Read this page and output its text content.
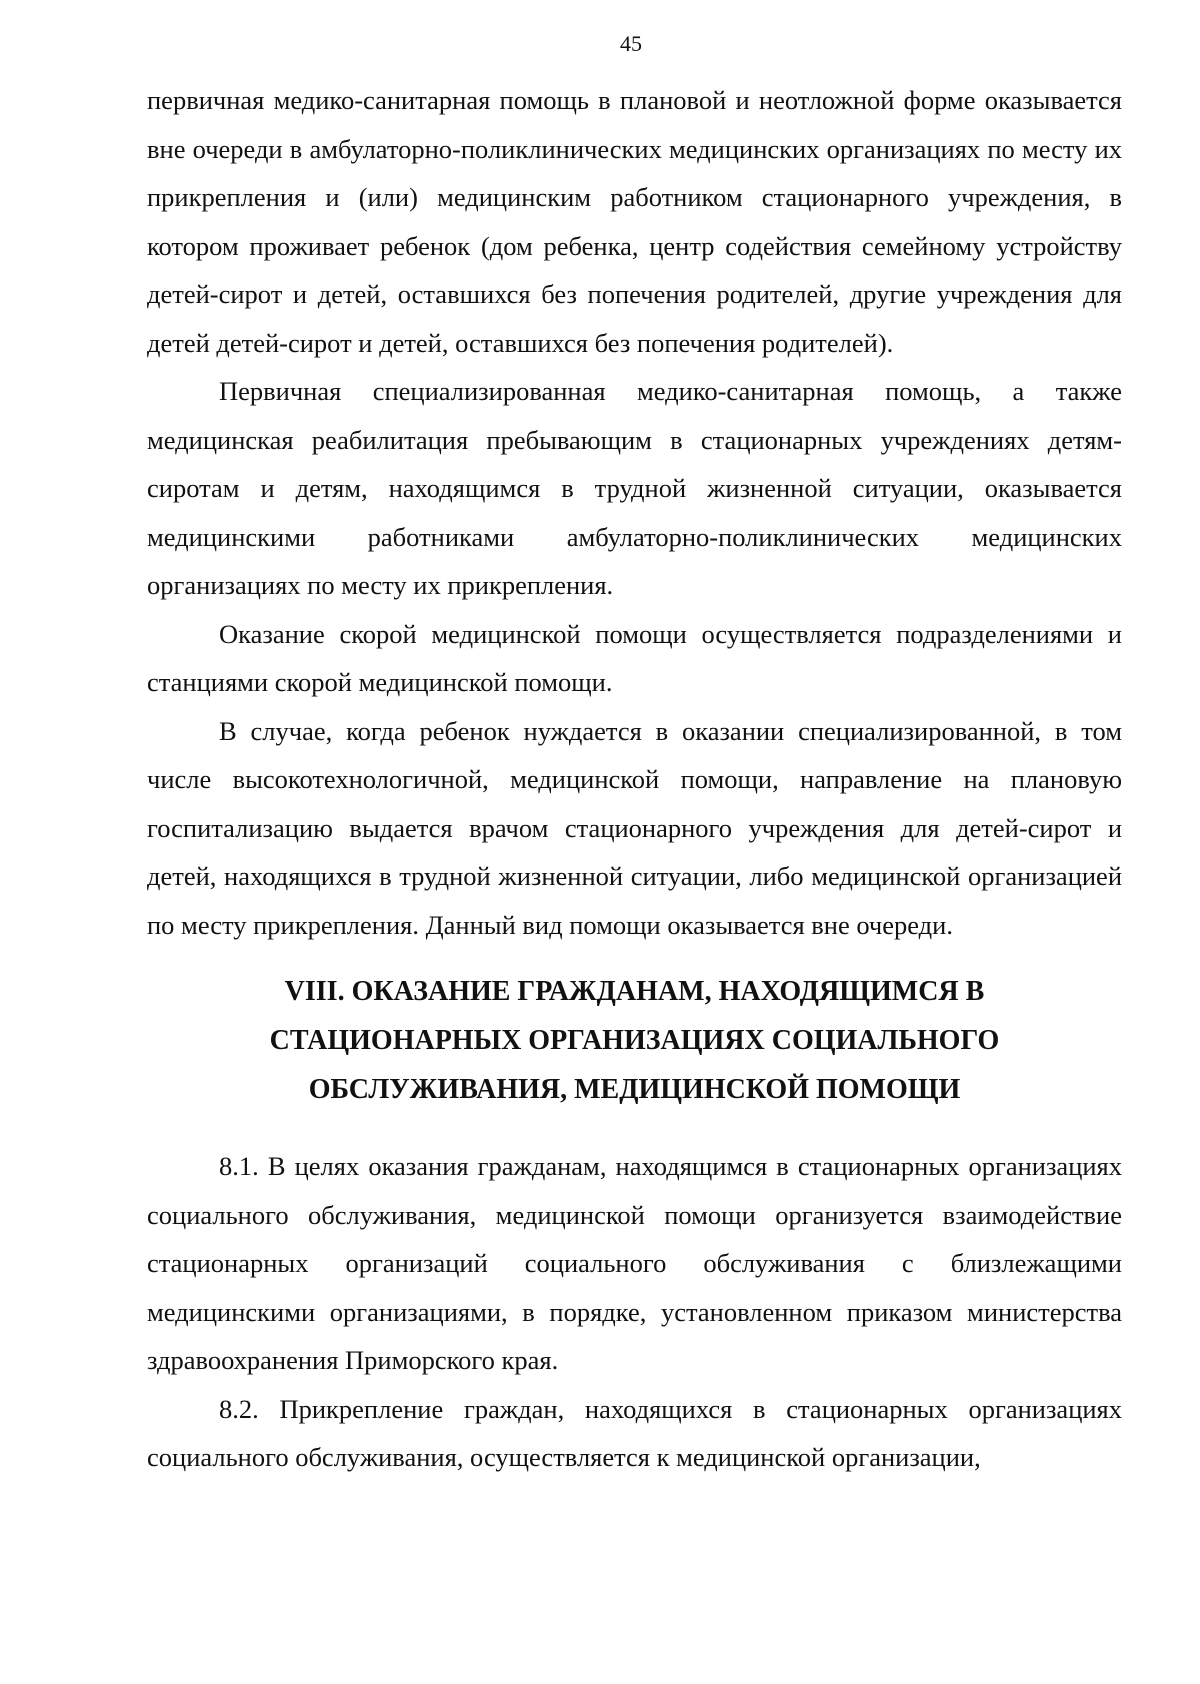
45

первичная медико-санитарная помощь в плановой и неотложной форме оказывается вне очереди в амбулаторно-поликлинических медицинских организациях по месту их прикрепления и (или) медицинским работником стационарного учреждения, в котором проживает ребенок (дом ребенка, центр содействия семейному устройству детей-сирот и детей, оставшихся без попечения родителей, другие учреждения для детей детей-сирот и детей, оставшихся без попечения родителей).

Первичная специализированная медико-санитарная помощь, а также медицинская реабилитация пребывающим в стационарных учреждениях детям-сиротам и детям, находящимся в трудной жизненной ситуации, оказывается медицинскими работниками амбулаторно-поликлинических медицинских организациях по месту их прикрепления.

Оказание скорой медицинской помощи осуществляется подразделениями и станциями скорой медицинской помощи.

В случае, когда ребенок нуждается в оказании специализированной, в том числе высокотехнологичной, медицинской помощи, направление на плановую госпитализацию выдается врачом стационарного учреждения для детей-сирот и детей, находящихся в трудной жизненной ситуации, либо медицинской организацией по месту прикрепления. Данный вид помощи оказывается вне очереди.

VIII. ОКАЗАНИЕ ГРАЖДАНАМ, НАХОДЯЩИМСЯ В
СТАЦИОНАРНЫХ ОРГАНИЗАЦИЯХ СОЦИАЛЬНОГО
ОБСЛУЖИВАНИЯ, МЕДИЦИНСКОЙ ПОМОЩИ

8.1. В целях оказания гражданам, находящимся в стационарных организациях социального обслуживания, медицинской помощи организуется взаимодействие стационарных организаций социального обслуживания с близлежащими медицинскими организациями, в порядке, установленном приказом министерства здравоохранения Приморского края.

8.2. Прикрепление граждан, находящихся в стационарных организациях социального обслуживания, осуществляется к медицинской организации,
